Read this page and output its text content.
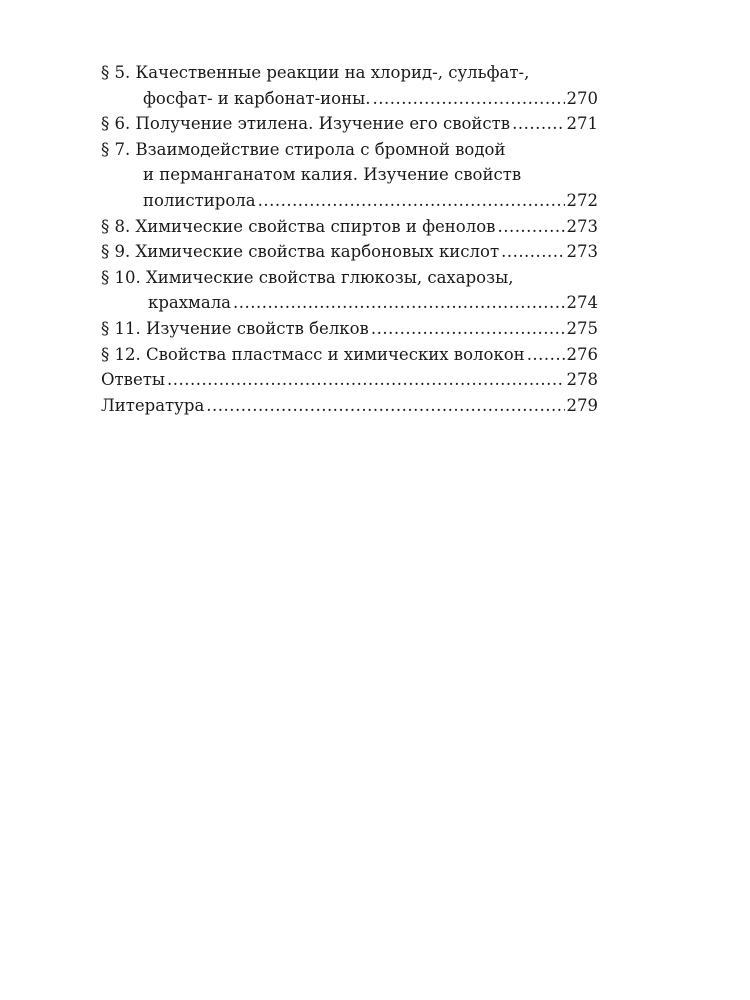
§ 5. Качественные реакции на хлорид-, сульфат-,
фосфат- и карбонат-ионы. .....	270
§ 6. Получение этилена. Изучение его свойств .....	271
§ 7. Взаимодействие стирола с бромной водой
и перманганатом калия. Изучение свойств
полистирола .....	272
§ 8. Химические свойства спиртов и фенолов .....	273
§ 9. Химические свойства карбоновых кислот .....	273
§ 10. Химические свойства глюкозы, сахарозы,
крахмала .....	274
§ 11. Изучение свойств белков .....	275
§ 12. Свойства пластмасс и химических волокон .....	276
Ответы .....	278
Литература .....	279
